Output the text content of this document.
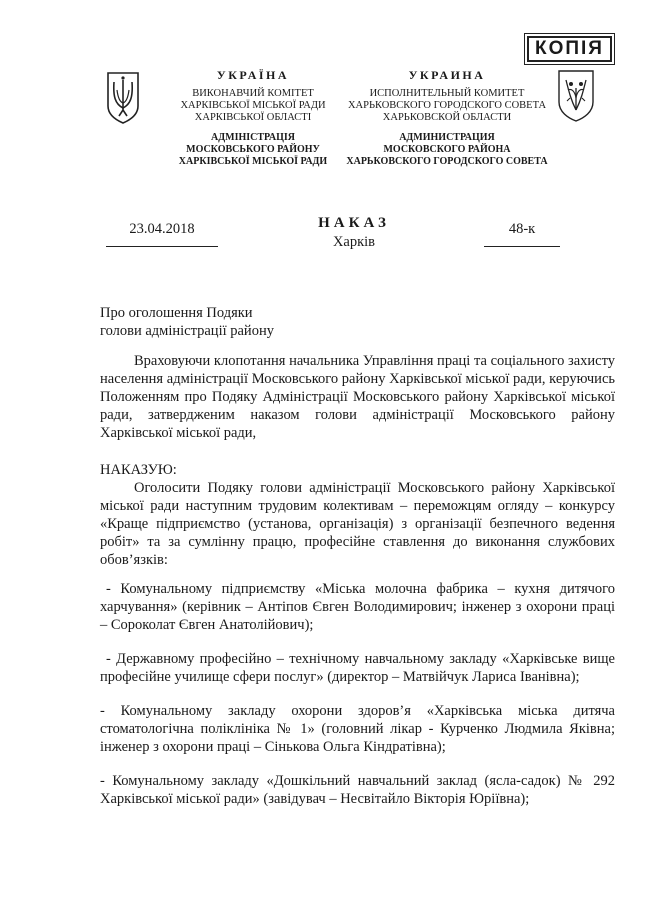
КОПІЯ
УКРАЇНА
ВИКОНАВЧИЙ КОМІТЕТ
ХАРКІВСЬКОЇ МІСЬКОЇ РАДИ
ХАРКІВСЬКОЇ ОБЛАСТІ
АДМІНІСТРАЦІЯ
МОСКОВСЬКОГО РАЙОНУ
ХАРКІВСЬКОЇ МІСЬКОЇ РАДИ
УКРАИНА
ИСПОЛНИТЕЛЬНЫЙ КОМИТЕТ
ХАРЬКОВСКОГО ГОРОДСКОГО СОВЕТА
ХАРЬКОВСКОЙ ОБЛАСТИ
АДМИНИСТРАЦИЯ
МОСКОВСКОГО РАЙОНА
ХАРЬКОВСКОГО ГОРОДСКОГО СОВЕТА
23.04.2018	НАКАЗ
Харків
48-к
Про оголошення Подяки
голови адміністрації району
Враховуючи клопотання начальника Управління праці та соціального захисту населення адміністрації Московського району Харківської міської ради, керуючись Положенням про Подяку Адміністрації Московського району Харківської міської ради, затвердженим наказом голови адміністрації Московського району Харківської міської ради,
НАКАЗУЮ:
Оголосити Подяку голови адміністрації Московського району Харківської міської ради наступним трудовим колективам – переможцям огляду – конкурсу «Краще підприємство (установа, організація) з організації безпечного ведення робіт» та за сумлінну працю, професійне ставлення до виконання службових обов’язків:
- Комунальному підприємству «Міська молочна фабрика – кухня дитячого харчування» (керівник – Антіпов Євген Володимирович; інженер з охорони праці – Сороколат Євген Анатолійович);
- Державному професійно – технічному навчальному закладу «Харківське вище професійне училище сфери послуг» (директор – Матвійчук Лариса Іванівна);
- Комунальному закладу охорони здоров’я «Харківська міська дитяча стоматологічна поліклініка № 1» (головний лікар - Курченко Людмила Яківна; інженер з охорони праці – Сінькова Ольга Кіндратівна);
- Комунальному закладу «Дошкільний навчальний заклад (ясла-садок) № 292 Харківської міської ради» (завідувач – Несвітайло Вікторія Юріївна);
